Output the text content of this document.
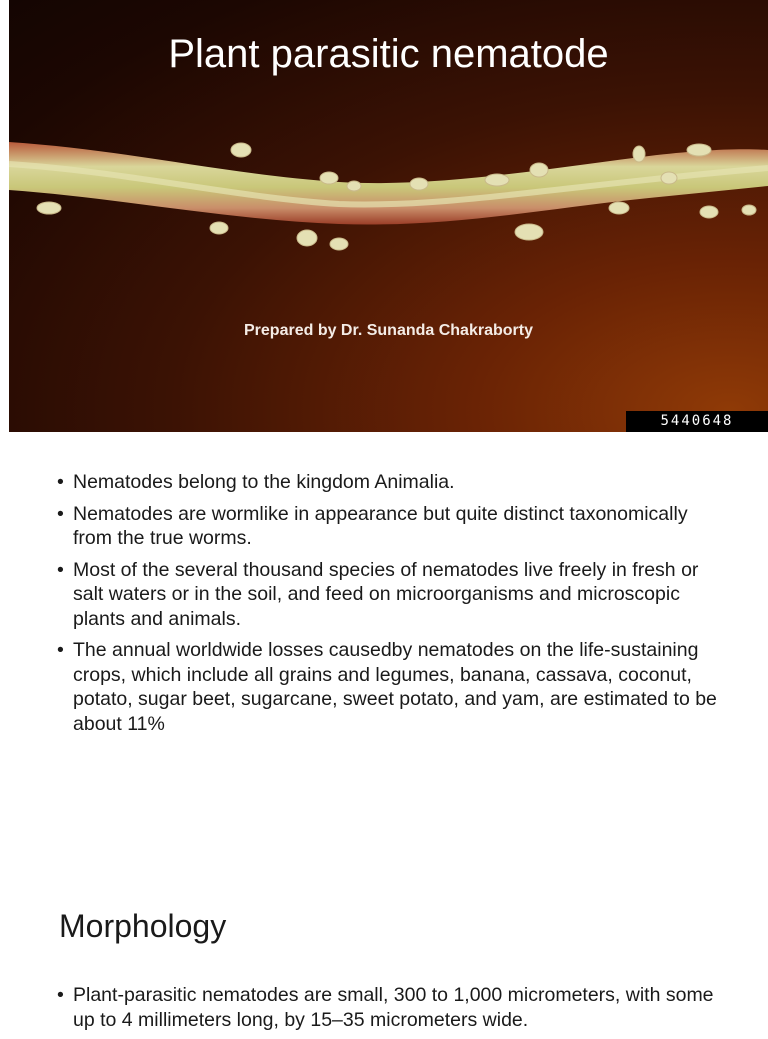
Plant parasitic nematode
Prepared by Dr. Sunanda Chakraborty
5440648
• Nematodes belong to the kingdom Animalia.
• Nematodes are wormlike in appearance but quite distinct taxonomically from the true worms.
• Most of the several thousand species of nematodes live freely in fresh or salt waters or in the soil, and feed on microorganisms and microscopic plants and animals.
• The annual worldwide losses causedby nematodes on the life-sustaining crops, which include all grains and legumes, banana, cassava, coconut, potato, sugar beet, sugarcane, sweet potato, and yam, are estimated to be about 11%
Morphology
• Plant-parasitic nematodes are small, 300 to 1,000 micrometers, with some up to 4 millimeters long, by 15–35 micrometers wide.
